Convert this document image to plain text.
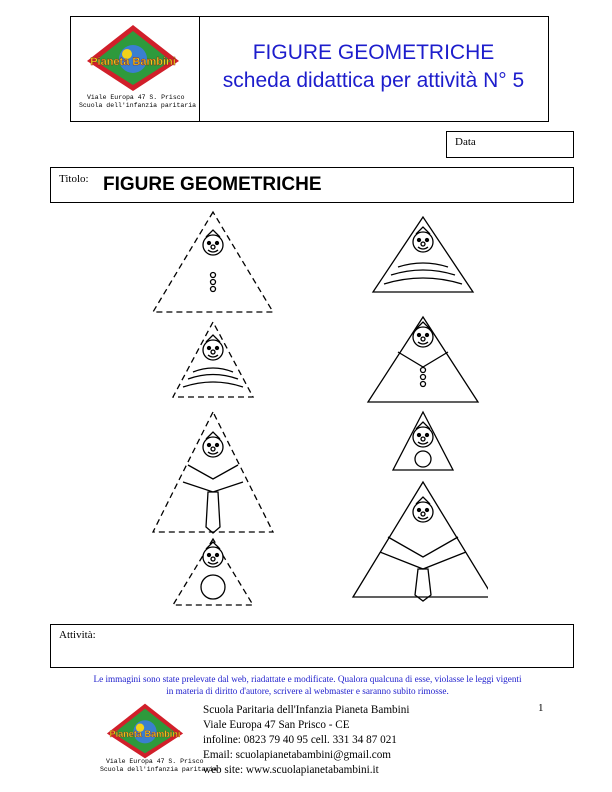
Pianeta Bambini
Viale Europa 47 S. Prisco
Scuola dell'infanzia paritaria
FIGURE GEOMETRICHE
scheda didattica per attività N° 5
Data
Titolo: FIGURE GEOMETRICHE
Attività:
Le immagini sono state prelevate dal web, riadattate e modificate. Qualora qualcuna di esse, violasse le leggi vigenti
in materia di diritto d'autore, scrivere al webmaster e saranno subito rimosse.
1
Pianeta Bambini
Viale Europa 47 S. Prisco
Scuola dell'infanzia paritaria
Scuola Paritaria dell'Infanzia Pianeta Bambini
Viale Europa 47 San Prisco - CE
infoline: 0823 79 40 95 cell. 331 34 87 021
Email: scuolapianetabambini@gmail.com
web site: www.scuolapianetabambini.it
